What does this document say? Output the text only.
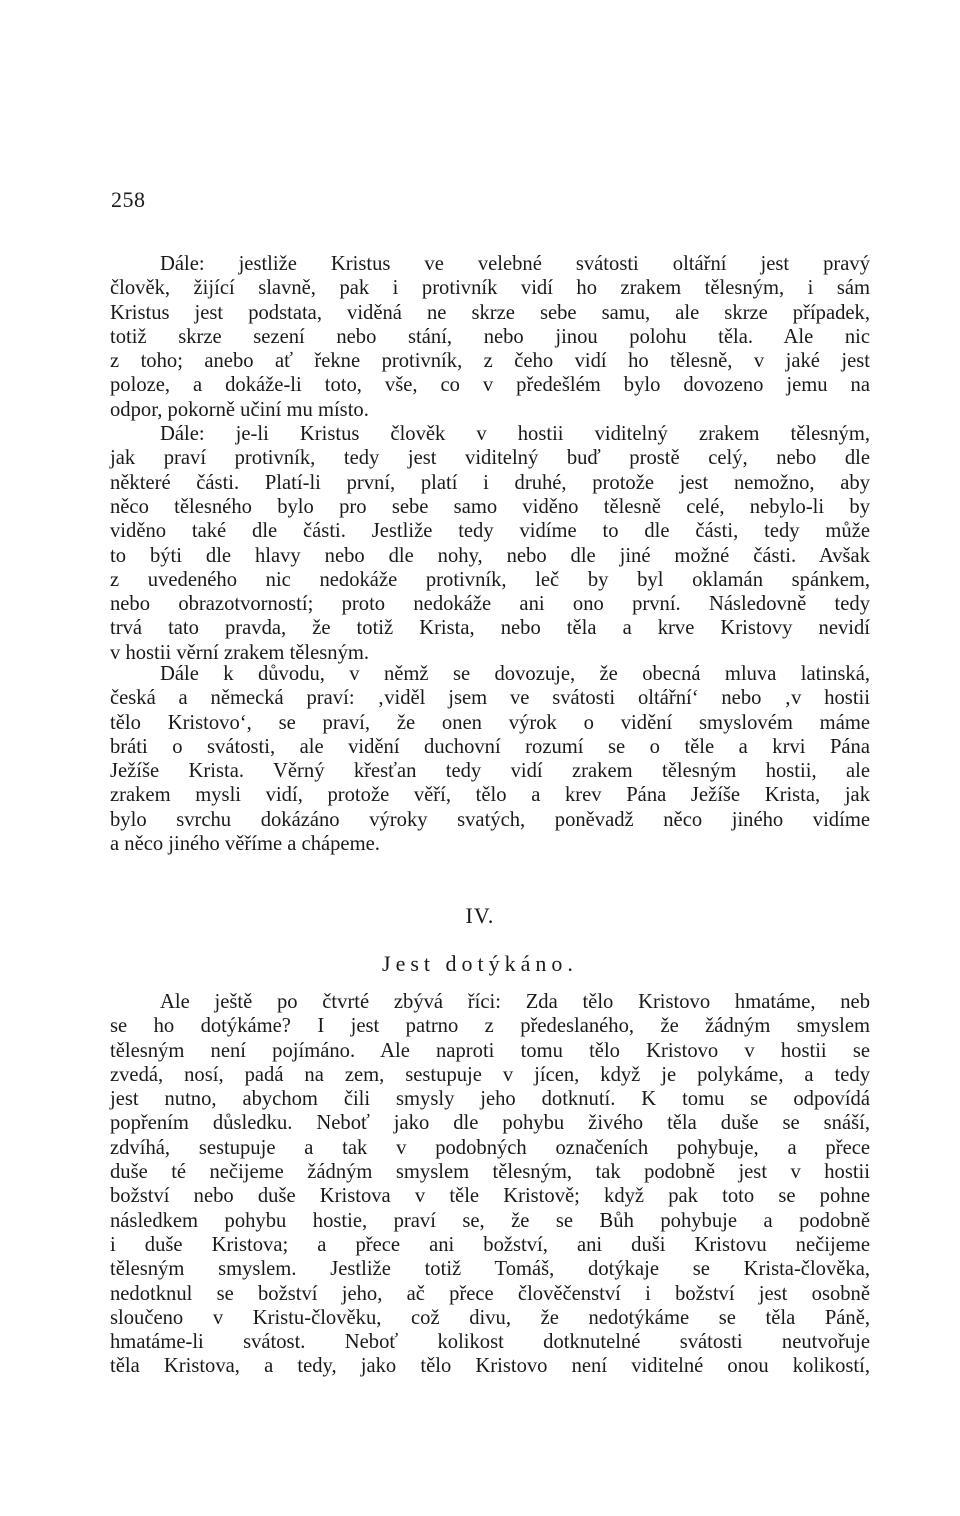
258
Dále: jestliže Kristus ve velebné svátosti oltářní jest pravý
člověk, žijící slavně, pak i protivník vidí ho zrakem tělesným, i sám
Kristus jest podstata, viděná ne skrze sebe samu, ale skrze případek,
totiž skrze sezení nebo stání, nebo jinou polohu těla. Ale nic
z toho; anebo ať řekne protivník, z čeho vidí ho tělesně, v jaké jest
poloze, a dokáže-li toto, vše, co v předešlém bylo dovozeno jemu na
odpor, pokorně učiní mu místo.
Dále: je-li Kristus člověk v hostii viditelný zrakem tělesným,
jak praví protivník, tedy jest viditelný buď prostě celý, nebo dle
některé části. Platí-li první, platí i druhé, protože jest nemožno, aby
něco tělesného bylo pro sebe samo viděno tělesně celé, nebylo-li by
viděno také dle části. Jestliže tedy vidíme to dle části, tedy může
to býti dle hlavy nebo dle nohy, nebo dle jiné možné části. Avšak
z uvedeného nic nedokáže protivník, leč by byl oklamán spánkem,
nebo obrazotvorností; proto nedokáže ani ono první. Následovně tedy
trvá tato pravda, že totiž Krista, nebo těla a krve Kristovy nevidí
v hostii věrní zrakem tělesným.
Dále k důvodu, v němž se dovozuje, že obecná mluva latinská,
česká a německá praví: ‚viděl jsem ve svátosti oltářní‘ nebo ‚v hostii
tělo Kristovo‘, se praví, že onen výrok o vidění smyslovém máme
bráti o svátosti, ale vidění duchovní rozumí se o těle a krvi Pána
Ježíše Krista. Věrný křesťan tedy vidí zrakem tělesným hostii, ale
zrakem mysli vidí, protože věří, tělo a krev Pána Ježíše Krista, jak
bylo svrchu dokázáno výroky svatých, poněvadž něco jiného vidíme
a něco jiného věříme a chápeme.
IV.
Jest dotýkáno.
Ale ještě po čtvrté zbývá říci: Zda tělo Kristovo hmatáme, neb
se ho dotýkáme? I jest patrno z předeslaného, že žádným smyslem
tělesným není pojímáno. Ale naproti tomu tělo Kristovo v hostii se
zvedá, nosí, padá na zem, sestupuje v jícen, když je polykáme, a tedy
jest nutno, abychom čili smysly jeho dotknutí. K tomu se odpovídá
popřením důsledku. Neboť jako dle pohybu živého těla duše se snáší,
zdvíhá, sestupuje a tak v podobných označeních pohybuje, a přece
duše té nečijeme žádným smyslem tělesným, tak podobně jest v hostii
božství nebo duše Kristova v těle Kristově; když pak toto se pohne
následkem pohybu hostie, praví se, že se Bůh pohybuje a podobně
i duše Kristova; a přece ani božství, ani duši Kristovu nečijeme
tělesným smyslem. Jestliže totiž Tomáš, dotýkaje se Krista-člověka,
nedotknul se božství jeho, ač přece člověčenství i božství jest osobně
sloučeno v Kristu-člověku, což divu, že nedotýkáme se těla Páně,
hmatáme-li svátost. Neboť kolikost dotknutelné svátosti neutvořuje
těla Kristova, a tedy, jako tělo Kristovo není viditelné onou kolikostí,
